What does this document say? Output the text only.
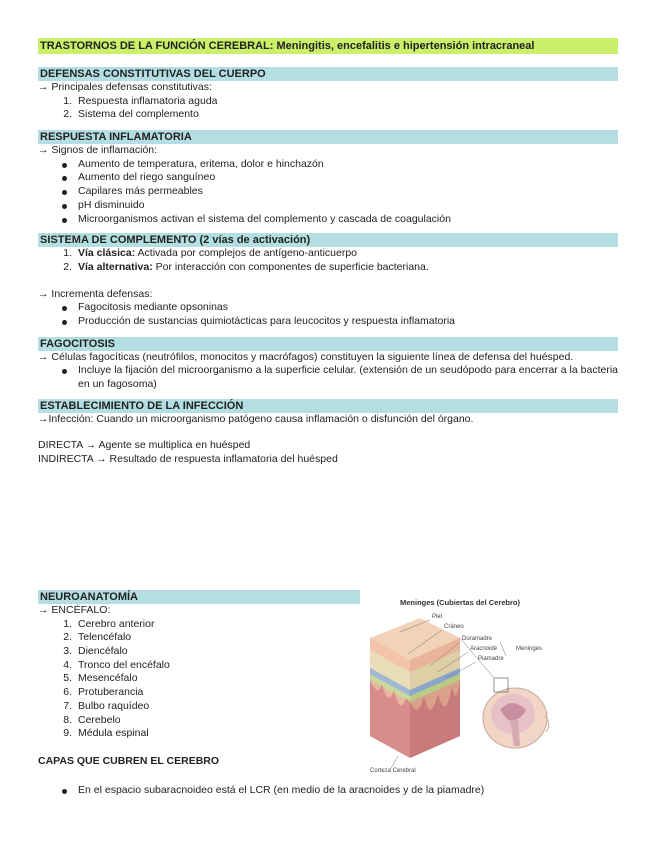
TRASTORNOS DE LA FUNCIÓN CEREBRAL: Meningitis, encefalitis e hipertensión intracraneal
DEFENSAS CONSTITUTIVAS DEL CUERPO
→ Principales defensas constitutivas:
1. Respuesta inflamatoria aguda
2. Sistema del complemento
RESPUESTA INFLAMATORIA
→ Signos de inflamación:
Aumento de temperatura, eritema, dolor e hinchazón
Aumento del riego sanguíneo
Capilares más permeables
pH disminuido
Microorganismos activan el sistema del complemento y cascada de coagulación
SISTEMA DE COMPLEMENTO (2 vías de activación)
1. Vía clásica: Activada por complejos de antígeno-anticuerpo
2. Vía alternativa: Por interacción con componentes de superficie bacteriana.
→ Incrementa defensas:
Fagocitosis mediante opsoninas
Producción de sustancias quimiotácticas para leucocitos y respuesta inflamatoria
FAGOCITOSIS
→ Células fagocíticas (neutrófilos, monocitos y macrófagos) constituyen la siguiente línea de defensa del huésped.
Incluye la fijación del microorganismo a la superficie celular. (extensión de un seudópodo para encerrar a la bacteria en un fagosoma)
ESTABLECIMIENTO DE LA INFECCIÓN
→Infección: Cuando un microorganismo patógeno causa inflamación o disfunción del órgano.
DIRECTA → Agente se multiplica en huésped
INDIRECTA → Resultado de respuesta inflamatoria del huésped
NEUROANATOMÍA
→ ENCÉFALO:
1. Cerebro anterior
2. Telencéfalo
3. Diencéfalo
4. Tronco del encéfalo
5. Mesencéfalo
6. Protuberancia
7. Bulbo raquídeo
8. Cerebelo
9. Médula espinal
CAPAS QUE CUBREN EL CEREBRO
En el espacio subaracnoideo está el LCR (en medio de la aracnoides y de la piamadre)
Meninges (Cubiertas del Cerebro)
Piel
Cráneo
Duramadre
Aracnoide
Piamadre
Meninges
Corteza Cerebral
